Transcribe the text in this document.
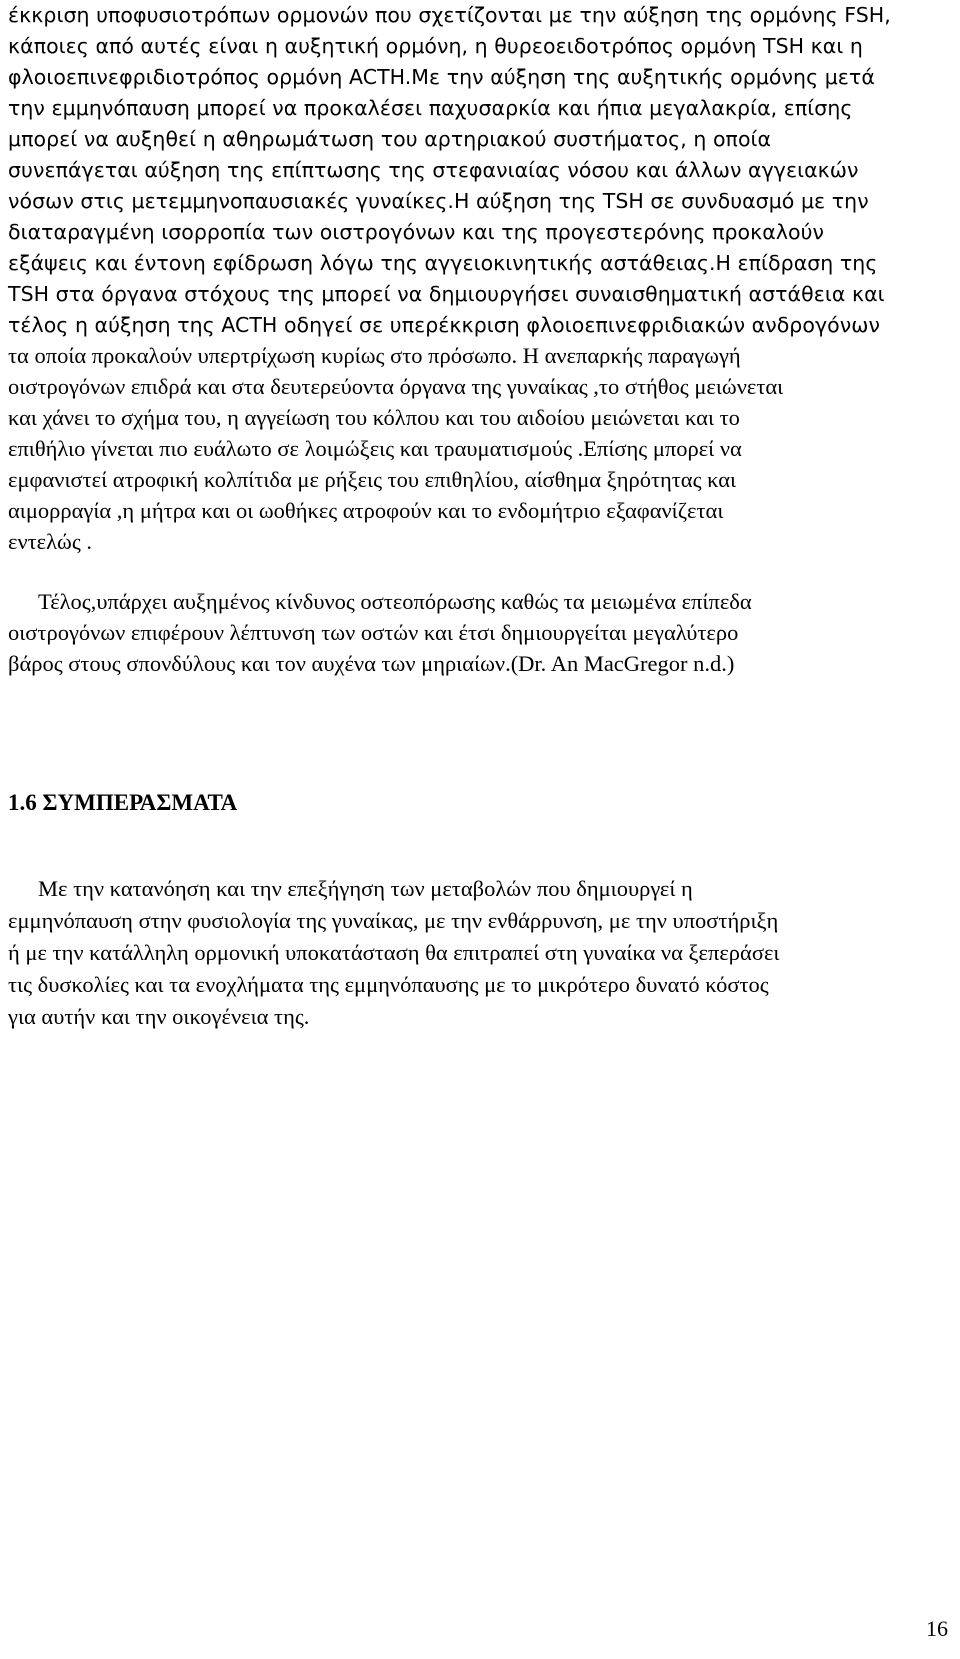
έκκριση υποφυσιοτρόπων ορμονών που σχετίζονται με την αύξηση της ορμόνης FSH,
κάποιες από αυτές είναι η αυξητική ορμόνη, η θυρεοειδοτρόπος ορμόνη TSH και η
φλοιοεπινεφριδιοτρόπος ορμόνη ACTH.Με την αύξηση της αυξητικής ορμόνης μετά
την εμμηνόπαυση μπορεί να προκαλέσει παχυσαρκία και ήπια μεγαλακρία, επίσης
μπορεί να αυξηθεί η αθηρωμάτωση του αρτηριακού συστήματος, η οποία
συνεπάγεται αύξηση της επίπτωσης της στεφανιαίας νόσου και άλλων αγγειακών
νόσων στις μετεμμηνοπαυσιακές γυναίκες.Η αύξηση της TSH σε συνδυασμό με την
διαταραγμένη ισορροπία των οιστρογόνων και της προγεστερόνης προκαλούν
εξάψεις και έντονη εφίδρωση λόγω της αγγειοκινητικής αστάθειας.Η επίδραση της
TSH στα όργανα στόχους της μπορεί να δημιουργήσει συναισθηματική αστάθεια και
τέλος η αύξηση της ACTH οδηγεί σε υπερέκκριση φλοιοεπινεφριδιακών ανδρογόνων
τα οποία προκαλούν υπερτρίχωση κυρίως στο πρόσωπο. Η ανεπαρκής παραγωγή
οιστρογόνων επιδρά και στα δευτερεύοντα όργανα της γυναίκας ,το στήθος μειώνεται
και χάνει το σχήμα του, η αγγείωση του κόλπου και του αιδοίου μειώνεται και το
επιθήλιο γίνεται πιο ευάλωτο σε λοιμώξεις και τραυματισμούς .Επίσης μπορεί να
εμφανιστεί ατροφική κολπίτιδα με ρήξεις του επιθηλίου, αίσθημα ξηρότητας και
αιμορραγία ,η μήτρα και οι ωοθήκες ατροφούν και το ενδομήτριο εξαφανίζεται
εντελώς .
Τέλος,υπάρχει αυξημένος κίνδυνος οστεοπόρωσης καθώς τα μειωμένα επίπεδα
οιστρογόνων επιφέρουν λέπτυνση των οστών και έτσι δημιουργείται μεγαλύτερο
βάρος στους σπονδύλους και τον αυχένα των μηριαίων.(Dr. An MacGregor n.d.)
1.6 ΣΥΜΠΕΡΑΣΜΑΤΑ
Με την κατανόηση και την επεξήγηση των μεταβολών που δημιουργεί η
εμμηνόπαυση στην φυσιολογία της γυναίκας, με την ενθάρρυνση, με την υποστήριξη
ή με την κατάλληλη ορμονική υποκατάσταση θα επιτραπεί στη γυναίκα να ξεπεράσει
τις δυσκολίες και τα ενοχλήματα της εμμηνόπαυσης με το μικρότερο δυνατό κόστος
για αυτήν και την οικογένεια της.
16
